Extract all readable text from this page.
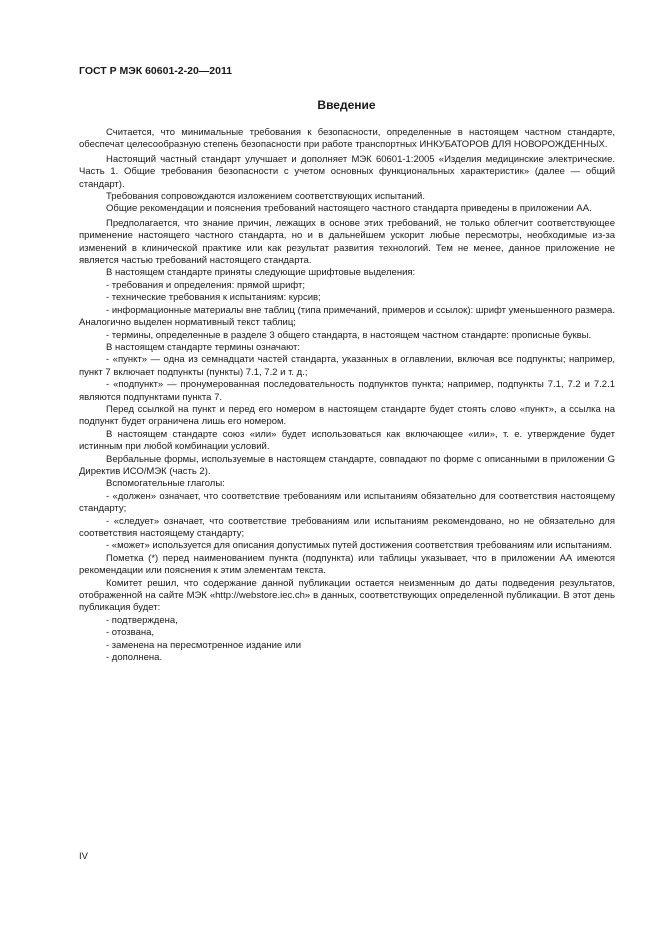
ГОСТ Р МЭК 60601-2-20—2011
Введение

Считается, что минимальные требования к безопасности, определенные в настоящем частном стандарте, обеспечат целесообразную степень безопасности при работе транспортных ИНКУБАТОРОВ ДЛЯ НОВОРОЖДЕННЫХ.

Настоящий частный стандарт улучшает и дополняет МЭК 60601-1:2005 «Изделия медицинские электрические. Часть 1. Общие требования безопасности с учетом основных функциональных характеристик» (далее — общий стандарт).

Требования сопровождаются изложением соответствующих испытаний.

Общие рекомендации и пояснения требований настоящего частного стандарта приведены в приложении АА.

Предполагается, что знание причин, лежащих в основе этих требований, не только облегчит соответствующее применение настоящего частного стандарта, но и в дальнейшем ускорит любые пересмотры, необходимые из-за изменений в клинической практике или как результат развития технологий. Тем не менее, данное приложение не является частью требований настоящего стандарта.

В настоящем стандарте приняты следующие шрифтовые выделения:

- требования и определения: прямой шрифт;

- технические требования к испытаниям: курсив;

- информационные материалы вне таблиц (типа примечаний, примеров и ссылок): шрифт уменьшенного размера. Аналогично выделен нормативный текст таблиц;

- термины, определенные в разделе 3 общего стандарта, в настоящем частном стандарте: прописные буквы.

В настоящем стандарте термины означают:

- «пункт» — одна из семнадцати частей стандарта, указанных в оглавлении, включая все подпункты; например, пункт 7 включает подпункты (пункты) 7.1, 7.2 и т. д.;

- «подпункт» — пронумерованная последовательность подпунктов пункта; например, подпункты 7.1, 7.2 и 7.2.1 являются подпунктами пункта 7.

Перед ссылкой на пункт и перед его номером в настоящем стандарте будет стоять слово «пункт», а ссылка на подпункт будет ограничена лишь его номером.

В настоящем стандарте союз «или» будет использоваться как включающее «или», т. е. утверждение будет истинным при любой комбинации условий.

Вербальные формы, используемые в настоящем стандарте, совпадают по форме с описанными в приложении G Директив ИСО/МЭК (часть 2).

Вспомогательные глаголы:

- «должен» означает, что соответствие требованиям или испытаниям обязательно для соответствия настоящему стандарту;

- «следует» означает, что соответствие требованиям или испытаниям рекомендовано, но не обязательно для соответствия настоящему стандарту;

- «может» используется для описания допустимых путей достижения соответствия требованиям или испытаниям.

Пометка (*) перед наименованием пункта (подпункта) или таблицы указывает, что в приложении АА имеются рекомендации или пояснения к этим элементам текста.

Комитет решил, что содержание данной публикации остается неизменным до даты подведения результатов, отображенной на сайте МЭК «http://webstore.iec.ch» в данных, соответствующих определенной публикации. В этот день публикация будет:

- подтверждена,

- отозвана,

- заменена на пересмотренное издание или

- дополнена.

IV
